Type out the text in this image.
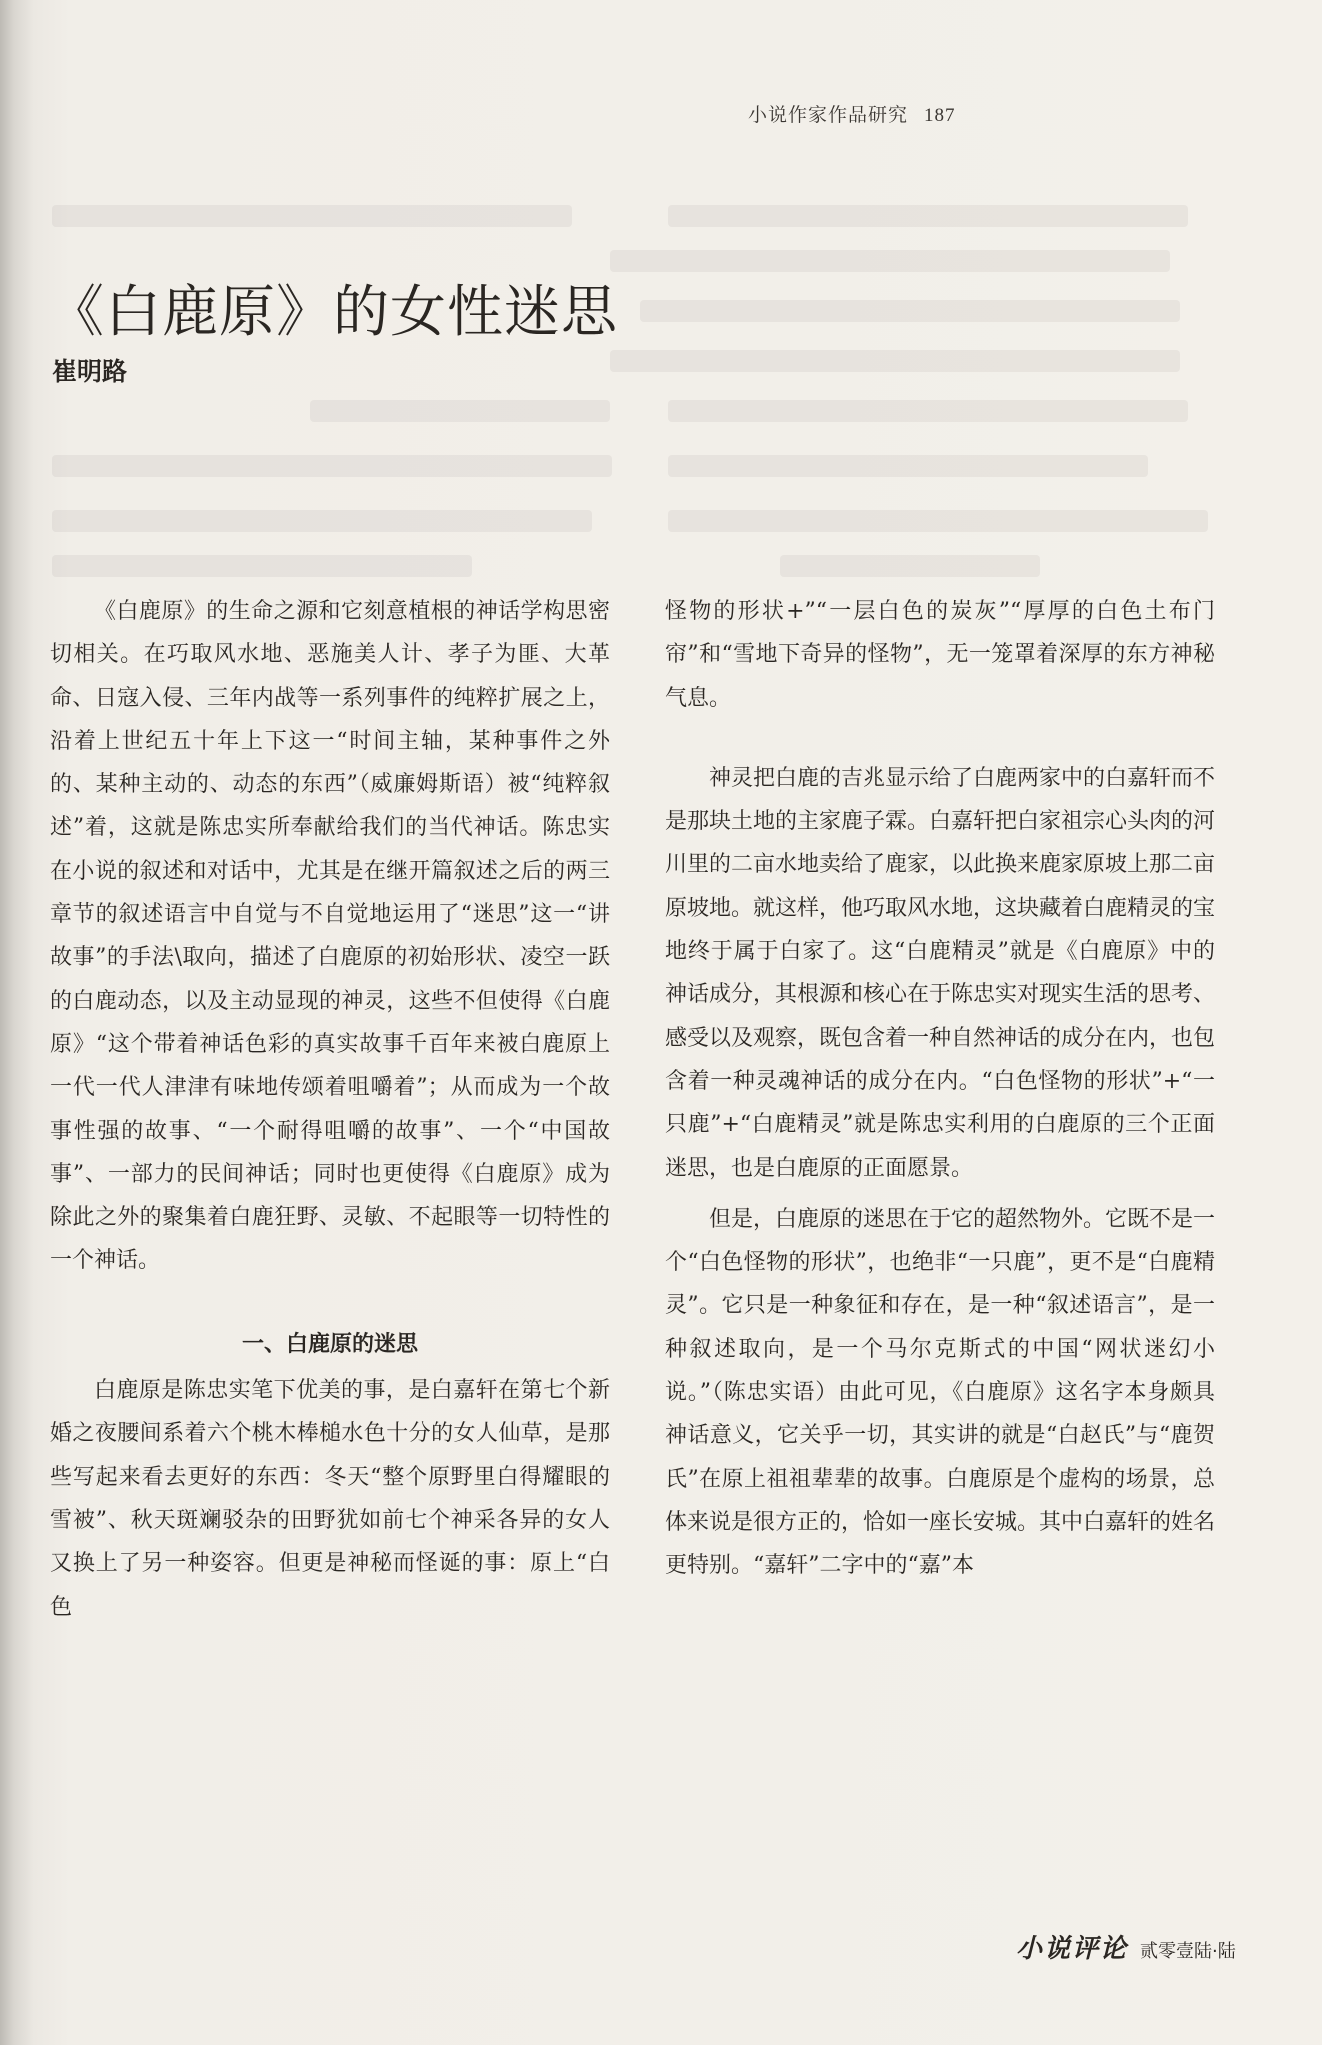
小说作家作品研究 187
《白鹿原》的女性迷思
崔明路

《白鹿原》的生命之源和它刻意植根的神话学构思密切相关。在巧取风水地、恶施美人计、孝子为匪、大革命、日寇入侵、三年内战等一系列事件的纯粹扩展之上，沿着上世纪五十年上下这一“时间主轴，某种事件之外的、某种主动的、动态的东西”（威廉姆斯语）被“纯粹叙述”着，这就是陈忠实所奉献给我们的当代神话。陈忠实在小说的叙述和对话中，尤其是在继开篇叙述之后的两三章节的叙述语言中自觉与不自觉地运用了“迷思”这一“讲故事”的手法\取向，描述了白鹿原的初始形状、凌空一跃的白鹿动态，以及主动显现的神灵，这些不但使得《白鹿原》“这个带着神话色彩的真实故事千百年来被白鹿原上一代一代人津津有味地传颂着咀嚼着”；从而成为一个故事性强的故事、“一个耐得咀嚼的故事”、一个“中国故事”、一部力的民间神话；同时也更使得《白鹿原》成为除此之外的聚集着白鹿狂野、灵敏、不起眼等一切特性的一个神话。

一、白鹿原的迷思

白鹿原是陈忠实笔下优美的事，是白嘉轩在第七个新婚之夜腰间系着六个桃木棒槌水色十分的女人仙草，是那些写起来看去更好的东西：冬天“整个原野里白得耀眼的雪被”、秋天斑斓驳杂的田野犹如前七个神采各异的女人又换上了另一种姿容。但更是神秘而怪诞的事：原上“白色

怪物的形状+”“一层白色的炭灰”“厚厚的白色土布门帘”和“雪地下奇异的怪物”，无一笼罩着深厚的东方神秘气息。

神灵把白鹿的吉兆显示给了白鹿两家中的白嘉轩而不是那块土地的主家鹿子霖。白嘉轩把白家祖宗心头肉的河川里的二亩水地卖给了鹿家，以此换来鹿家原坡上那二亩原坡地。就这样，他巧取风水地，这块藏着白鹿精灵的宝地终于属于白家了。这“白鹿精灵”就是《白鹿原》中的神话成分，其根源和核心在于陈忠实对现实生活的思考、感受以及观察，既包含着一种自然神话的成分在内，也包含着一种灵魂神话的成分在内。“白色怪物的形状”+“一只鹿”+“白鹿精灵”就是陈忠实利用的白鹿原的三个正面迷思，也是白鹿原的正面愿景。

但是，白鹿原的迷思在于它的超然物外。它既不是一个“白色怪物的形状”，也绝非“一只鹿”，更不是“白鹿精灵”。它只是一种象征和存在，是一种“叙述语言”，是一种叙述取向，是一个马尔克斯式的中国“网状迷幻小说。”（陈忠实语）由此可见，《白鹿原》这名字本身颇具神话意义，它关乎一切，其实讲的就是“白赵氏”与“鹿贺氏”在原上祖祖辈辈的故事。白鹿原是个虚构的场景，总体来说是很方正的，恰如一座长安城。其中白嘉轩的姓名更特别。“嘉轩”二字中的“嘉”本

小说评论 贰零壹陆·陆
